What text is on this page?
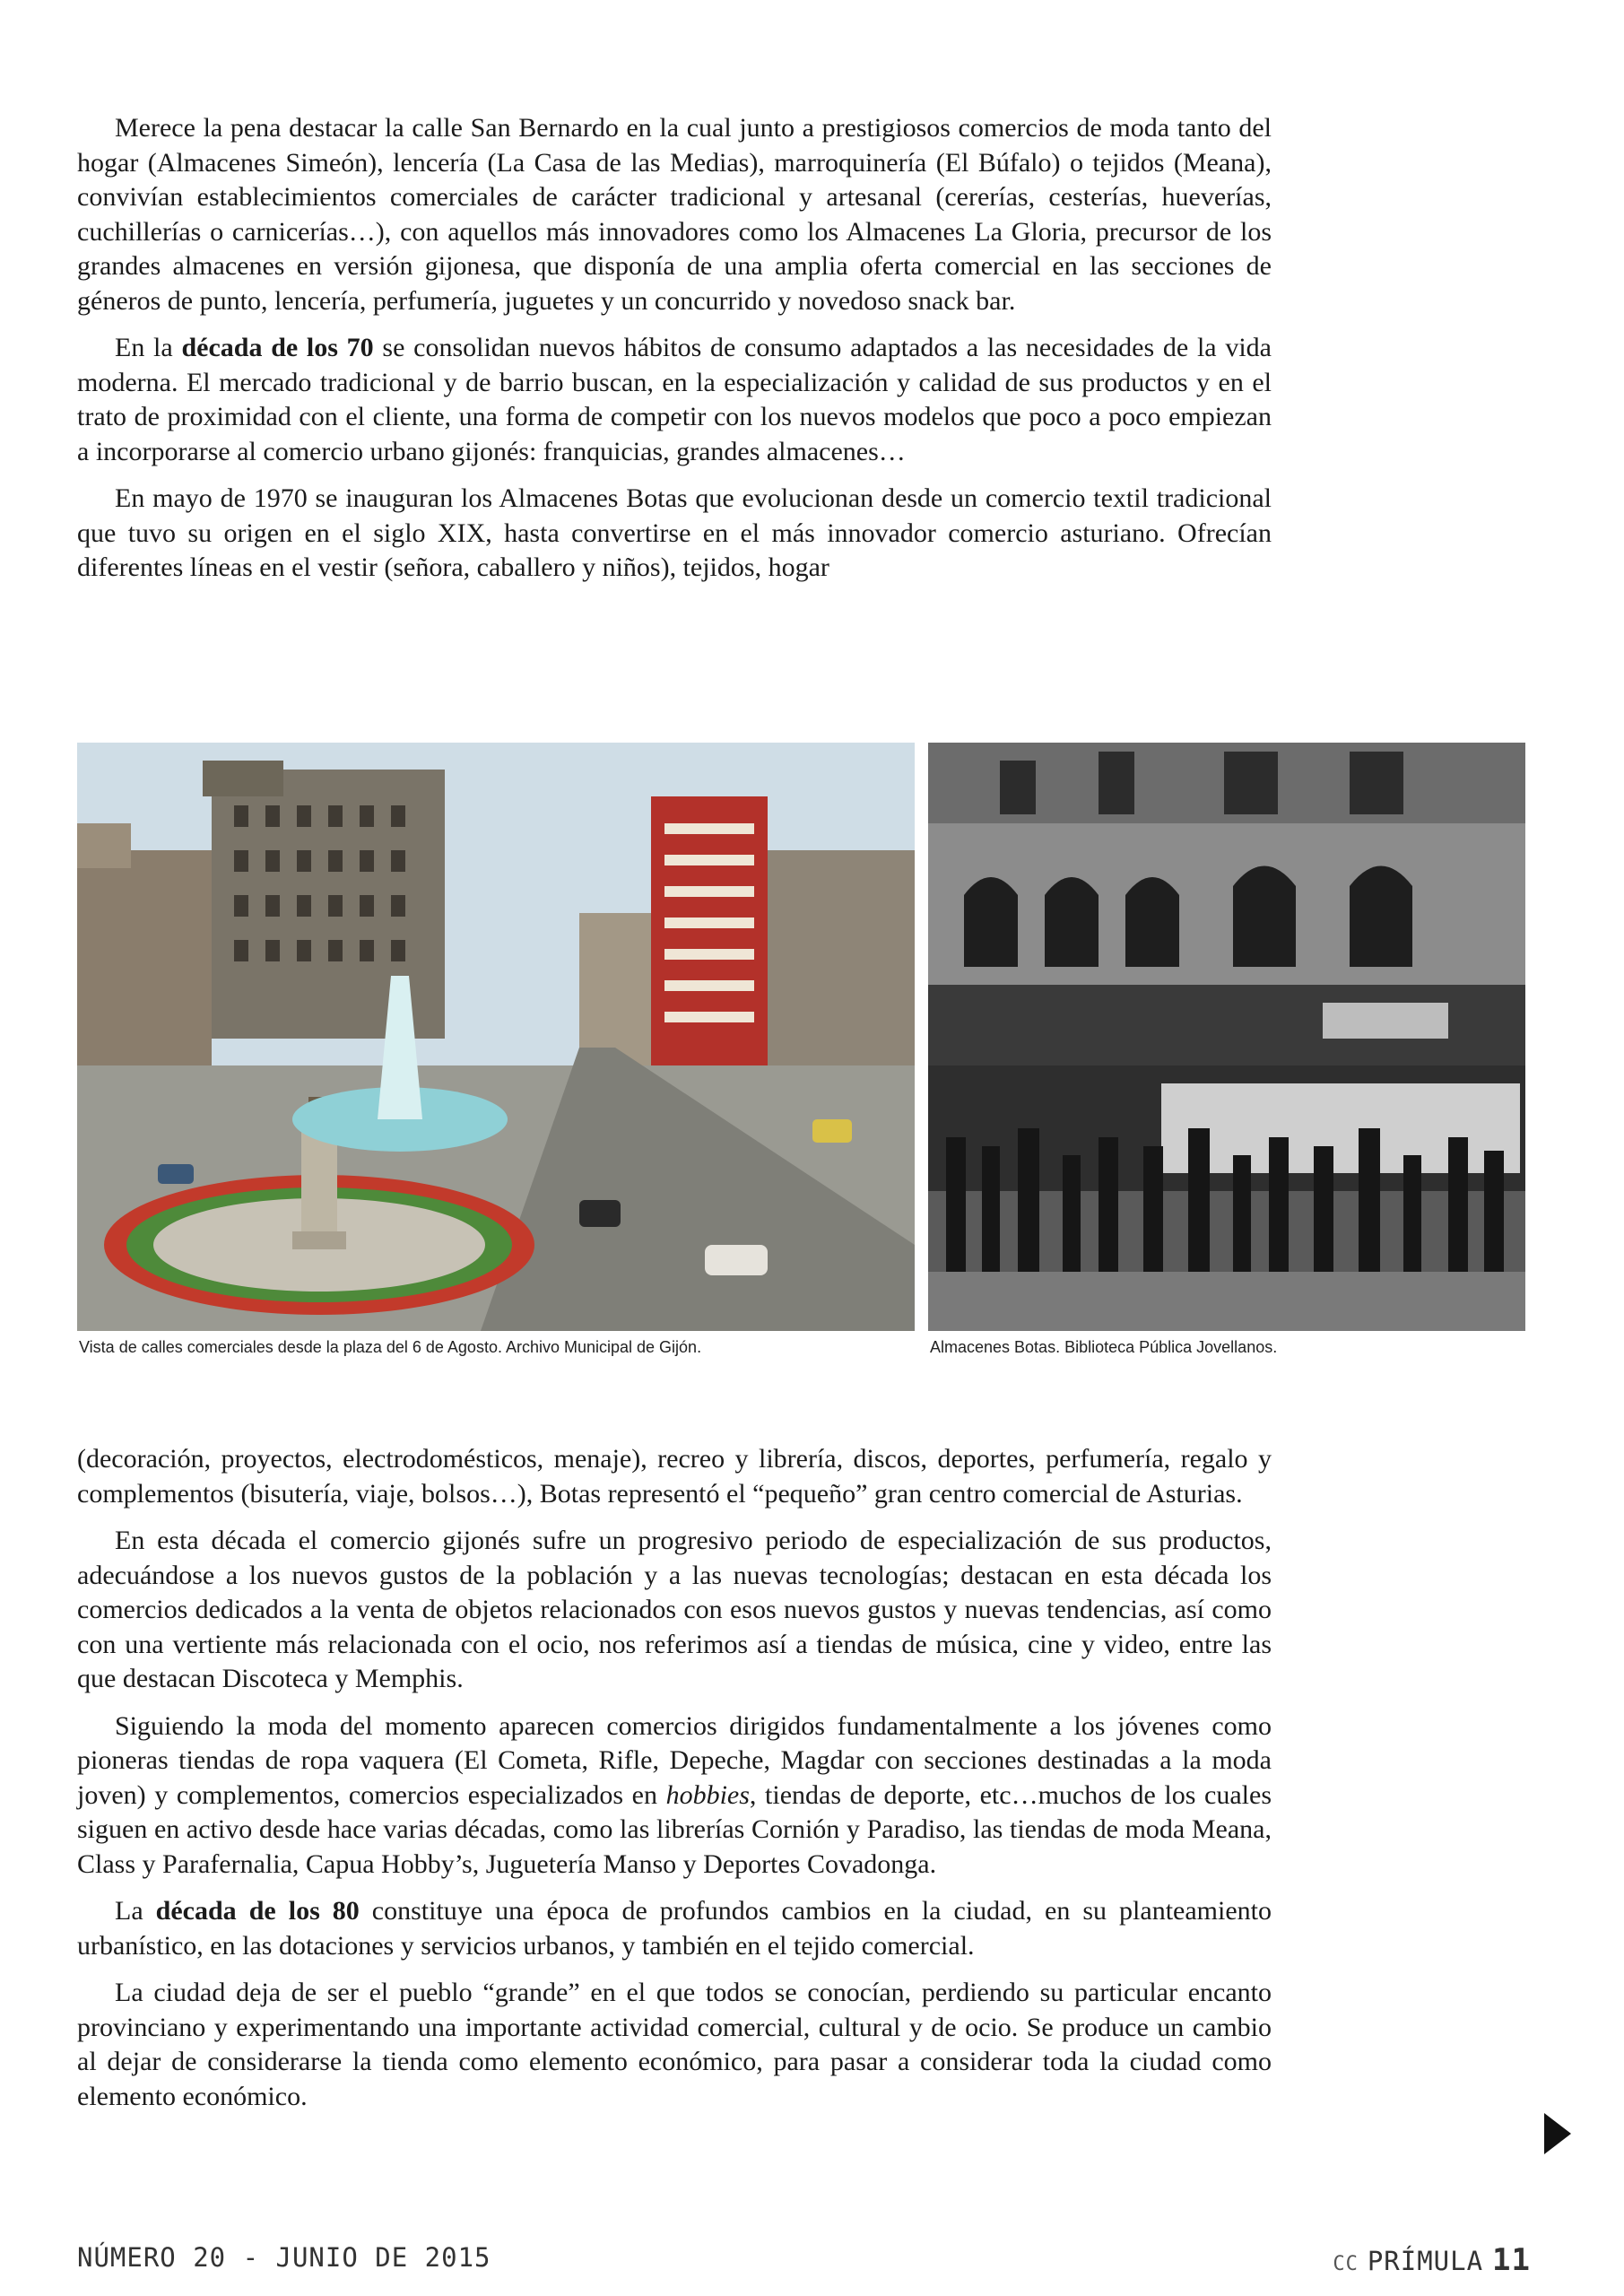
Merece la pena destacar la calle San Bernardo en la cual junto a prestigiosos comercios de moda tanto del hogar (Almacenes Simeón), lencería (La Casa de las Medias), marroquinería (El Búfalo) o tejidos (Meana), convivían establecimientos comerciales de carácter tradicional y artesanal (cererías, cesterías, hueverías, cuchillerías o carnicerías…), con aquellos más innovadores como los Almacenes La Gloria, precursor de los grandes almacenes en versión gijonesa, que disponía de una amplia oferta comercial en las secciones de géneros de punto, lencería, perfumería, juguetes y un concurrido y novedoso snack bar.

En la década de los 70 se consolidan nuevos hábitos de consumo adaptados a las necesidades de la vida moderna. El mercado tradicional y de barrio buscan, en la especialización y calidad de sus productos y en el trato de proximidad con el cliente, una forma de competir con los nuevos modelos que poco a poco empiezan a incorporarse al comercio urbano gijonés: franquicias, grandes almacenes…

En mayo de 1970 se inauguran los Almacenes Botas que evolucionan desde un comercio textil tradicional que tuvo su origen en el siglo XIX, hasta convertirse en el más innovador comercio asturiano. Ofrecían diferentes líneas en el vestir (señora, caballero y niños), tejidos, hogar

Vista de calles comerciales desde la plaza del 6 de Agosto. Archivo Municipal de Gijón.	Almacenes Botas. Biblioteca Pública Jovellanos.

(decoración, proyectos, electrodomésticos, menaje), recreo y librería, discos, deportes, perfumería, regalo y complementos (bisutería, viaje, bolsos…), Botas representó el “pequeño” gran centro comercial de Asturias.

En esta década el comercio gijonés sufre un progresivo periodo de especialización de sus productos, adecuándose a los nuevos gustos de la población y a las nuevas tecnologías; destacan en esta década los comercios dedicados a la venta de objetos relacionados con esos nuevos gustos y nuevas tendencias, así como con una vertiente más relacionada con el ocio, nos referimos así a tiendas de música, cine y video, entre las que destacan Discoteca y Memphis.

Siguiendo la moda del momento aparecen comercios dirigidos fundamentalmente a los jóvenes como pioneras tiendas de ropa vaquera (El Cometa, Rifle, Depeche, Magdar con secciones destinadas a la moda joven) y complementos, comercios especializados en hobbies, tiendas de deporte, etc…muchos de los cuales siguen en activo desde hace varias décadas, como las librerías Cornión y Paradiso, las tiendas de moda Meana, Class y Parafernalia, Capua Hobby’s, Juguetería Manso y Deportes Covadonga.

La década de los 80 constituye una época de profundos cambios en la ciudad, en su planteamiento urbanístico, en las dotaciones y servicios urbanos, y también en el tejido comercial.

La ciudad deja de ser el pueblo “grande” en el que todos se conocían, perdiendo su particular encanto provinciano y experimentando una importante actividad comercial, cultural y de ocio. Se produce un cambio al dejar de considerarse la tienda como elemento económico, para pasar a considerar toda la ciudad como elemento económico.

NÚMERO 20 - JUNIO DE 2015	CC PRÍMULA 11
